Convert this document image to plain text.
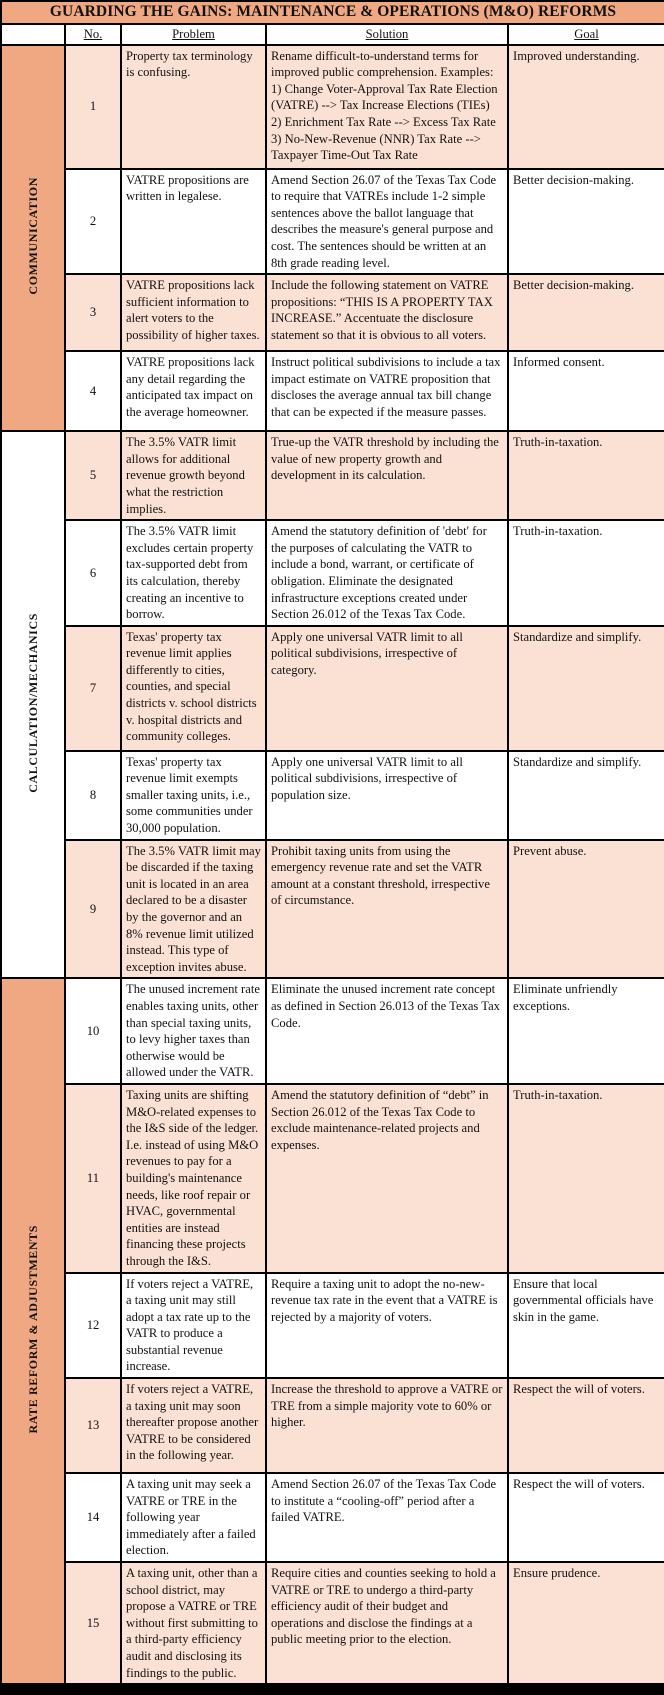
GUARDING THE GAINS: MAINTENANCE & OPERATIONS (M&O) REFORMS				
	No.	Problem	Solution	Goal
COMMUNICATION	1	Property tax terminology is confusing.	Rename difficult-to-understand terms for improved public comprehension. Examples:
1) Change Voter-Approval Tax Rate Election (VATRE) --> Tax Increase Elections (TIEs)
2) Enrichment Tax Rate --> Excess Tax Rate
3) No-New-Revenue (NNR) Tax Rate --> Taxpayer Time-Out Tax Rate	Improved understanding.
	2	VATRE propositions are written in legalese.	Amend Section 26.07 of the Texas Tax Code to require that VATREs include 1-2 simple sentences above the ballot language that describes the measure's general purpose and cost. The sentences should be written at an 8th grade reading level.	Better decision-making.
	3	VATRE propositions lack sufficient information to alert voters to the possibility of higher taxes.	Include the following statement on VATRE propositions: “THIS IS A PROPERTY TAX INCREASE.” Accentuate the disclosure statement so that it is obvious to all voters.	Better decision-making.
	4	VATRE propositions lack any detail regarding the anticipated tax impact on the average homeowner.	Instruct political subdivisions to include a tax impact estimate on VATRE proposition that discloses the average annual tax bill change that can be expected if the measure passes.	Informed consent.
CALCULATION/MECHANICS	5	The 3.5% VATR limit allows for additional revenue growth beyond what the restriction implies.	True-up the VATR threshold by including the value of new property growth and development in its calculation.	Truth-in-taxation.
	6	The 3.5% VATR limit excludes certain property tax-supported debt from its calculation, thereby creating an incentive to borrow.	Amend the statutory definition of 'debt' for the purposes of calculating the VATR to include a bond, warrant, or certificate of obligation. Eliminate the designated infrastructure exceptions created under Section 26.012 of the Texas Tax Code.	Truth-in-taxation.
	7	Texas' property tax revenue limit applies differently to cities, counties, and special districts v. school districts v. hospital districts and community colleges.	Apply one universal VATR limit to all political subdivisions, irrespective of category.	Standardize and simplify.
	8	Texas' property tax revenue limit exempts smaller taxing units, i.e., some communities under 30,000 population.	Apply one universal VATR limit to all political subdivisions, irrespective of population size.	Standardize and simplify.
	9	The 3.5% VATR limit may be discarded if the taxing unit is located in an area declared to be a disaster by the governor and an 8% revenue limit utilized instead. This type of exception invites abuse.	Prohibit taxing units from using the emergency revenue rate and set the VATR amount at a constant threshold, irrespective of circumstance.	Prevent abuse.
RATE REFORM & ADJUSTMENTS	10	The unused increment rate enables taxing units, other than special taxing units, to levy higher taxes than otherwise would be allowed under the VATR.	Eliminate the unused increment rate concept as defined in Section 26.013 of the Texas Tax Code.	Eliminate unfriendly exceptions.
	11	Taxing units are shifting M&O-related expenses to the I&S side of the ledger. I.e. instead of using M&O revenues to pay for a building's maintenance needs, like roof repair or HVAC, governmental entities are instead financing these projects through the I&S.	Amend the statutory definition of “debt” in Section 26.012 of the Texas Tax Code to exclude maintenance-related projects and expenses.	Truth-in-taxation.
	12	If voters reject a VATRE, a taxing unit may still adopt a tax rate up to the VATR to produce a substantial revenue increase.	Require a taxing unit to adopt the no-new-revenue tax rate in the event that a VATRE is rejected by a majority of voters.	Ensure that local governmental officials have skin in the game.
	13	If voters reject a VATRE, a taxing unit may soon thereafter propose another VATRE to be considered in the following year.	Increase the threshold to approve a VATRE or TRE from a simple majority vote to 60% or higher.	Respect the will of voters.
	14	A taxing unit may seek a VATRE or TRE in the following year immediately after a failed election.	Amend Section 26.07 of the Texas Tax Code to institute a “cooling-off” period after a failed VATRE.	Respect the will of voters.
	15	A taxing unit, other than a school district, may propose a VATRE or TRE without first submitting to a third-party efficiency audit and disclosing its findings to the public.	Require cities and counties seeking to hold a VATRE or TRE to undergo a third-party efficiency audit of their budget and operations and disclose the findings at a public meeting prior to the election.	Ensure prudence.
